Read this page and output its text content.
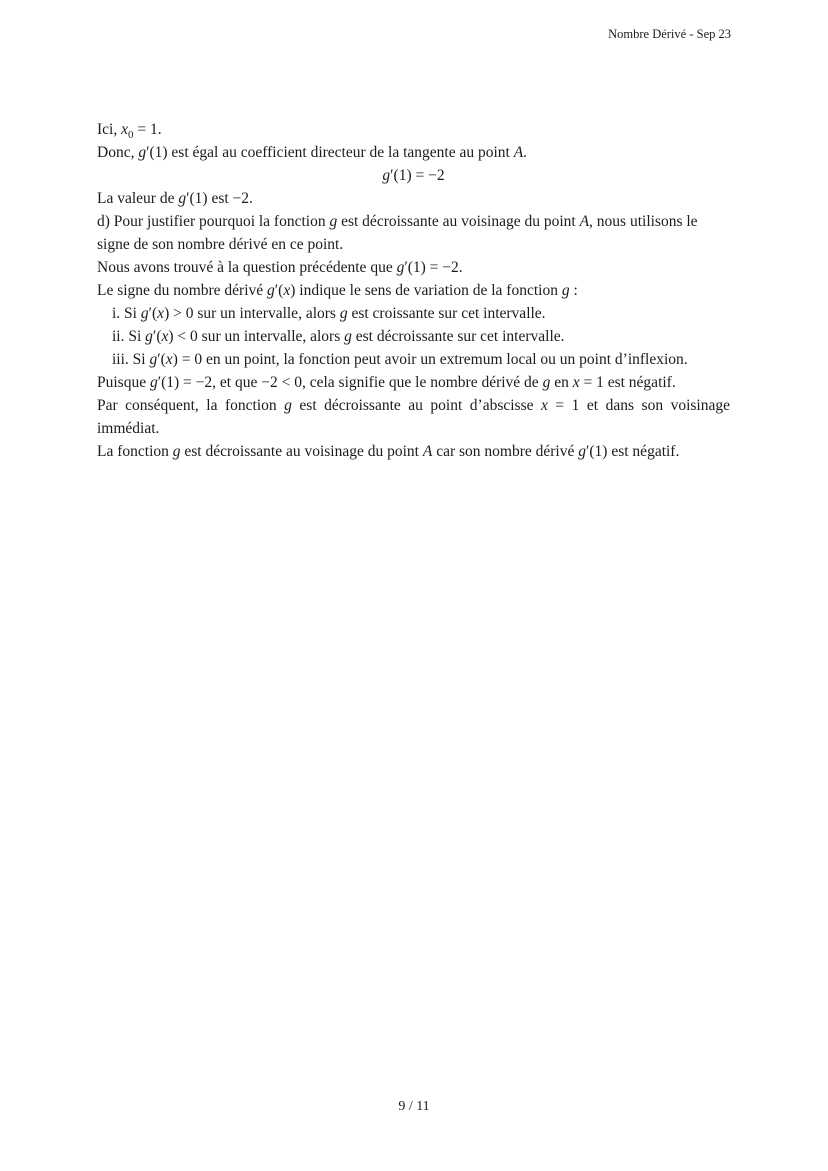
Nombre Dérivé - Sep 23

Ici, $x_0 = 1$.

Donc, g′(1) est égal au coefficient directeur de la tangente au point A.

g′(1) = −2

La valeur de g′(1) est −2.

d) Pour justifier pourquoi la fonction g est décroissante au voisinage du point A, nous utilisons le signe de son nombre dérivé en ce point.

Nous avons trouvé à la question précédente que g′(1) = −2.

Le signe du nombre dérivé g′(x) indique le sens de variation de la fonction g :

i. Si g′(x) > 0 sur un intervalle, alors g est croissante sur cet intervalle.

ii. Si g′(x) < 0 sur un intervalle, alors g est décroissante sur cet intervalle.

iii. Si g′(x) = 0 en un point, la fonction peut avoir un extremum local ou un point d’inflexion.

Puisque g′(1) = −2, et que −2 < 0, cela signifie que le nombre dérivé de g en x = 1 est négatif.

Par conséquent, la fonction g est décroissante au point d’abscisse x = 1 et dans son voisinage immédiat.

La fonction g est décroissante au voisinage du point A car son nombre dérivé g′(1) est négatif.

9 / 11
